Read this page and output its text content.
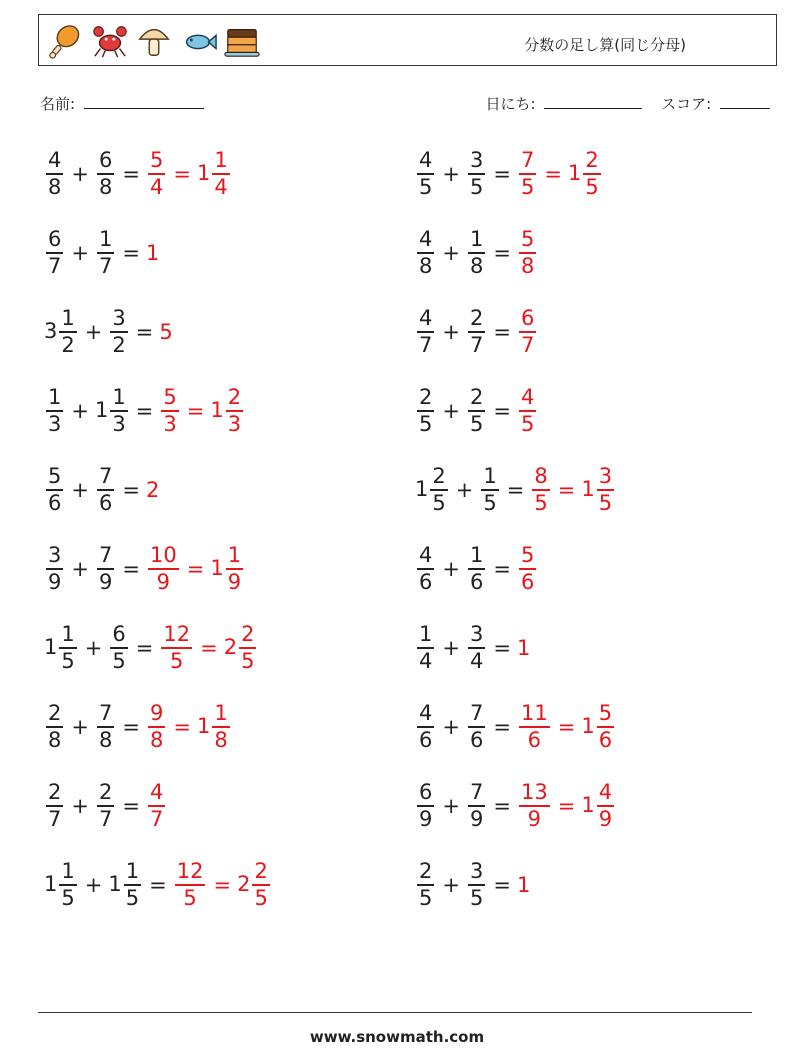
分数の足し算(同じ分母)
名前:	日にち:	スコア:
$\frac{4}{8} + \frac{6}{8} = \frac{5}{4} = 1 \frac{1}{4}$	$\frac{4}{5} + \frac{3}{5} = \frac{7}{5} = 1 \frac{2}{5}$
$\frac{6}{7} + \frac{1}{7} = 1$	$\frac{4}{8} + \frac{1}{8} = \frac{5}{8}$
$3 \frac{1}{2} + \frac{3}{2} = 5$	$\frac{4}{7} + \frac{2}{7} = \frac{6}{7}$
$\frac{1}{3} + 1 \frac{1}{3} = \frac{5}{3} = 1 \frac{2}{3}$	$\frac{2}{5} + \frac{2}{5} = \frac{4}{5}$
$\frac{5}{6} + \frac{7}{6} = 2$	$1 \frac{2}{5} + \frac{1}{5} = \frac{8}{5} = 1 \frac{3}{5}$
$\frac{3}{9} + \frac{7}{9} = \frac{10}{9} = 1 \frac{1}{9}$	$\frac{4}{6} + \frac{1}{6} = \frac{5}{6}$
$1 \frac{1}{5} + \frac{6}{5} = \frac{12}{5} = 2 \frac{2}{5}$	$\frac{1}{4} + \frac{3}{4} = 1$
$\frac{2}{8} + \frac{7}{8} = \frac{9}{8} = 1 \frac{1}{8}$	$\frac{4}{6} + \frac{7}{6} = \frac{11}{6} = 1 \frac{5}{6}$
$\frac{2}{7} + \frac{2}{7} = \frac{4}{7}$	$\frac{6}{9} + \frac{7}{9} = \frac{13}{9} = 1 \frac{4}{9}$
$1 \frac{1}{5} + 1 \frac{1}{5} = \frac{12}{5} = 2 \frac{2}{5}$	$\frac{2}{5} + \frac{3}{5} = 1$
www.snowmath.com
